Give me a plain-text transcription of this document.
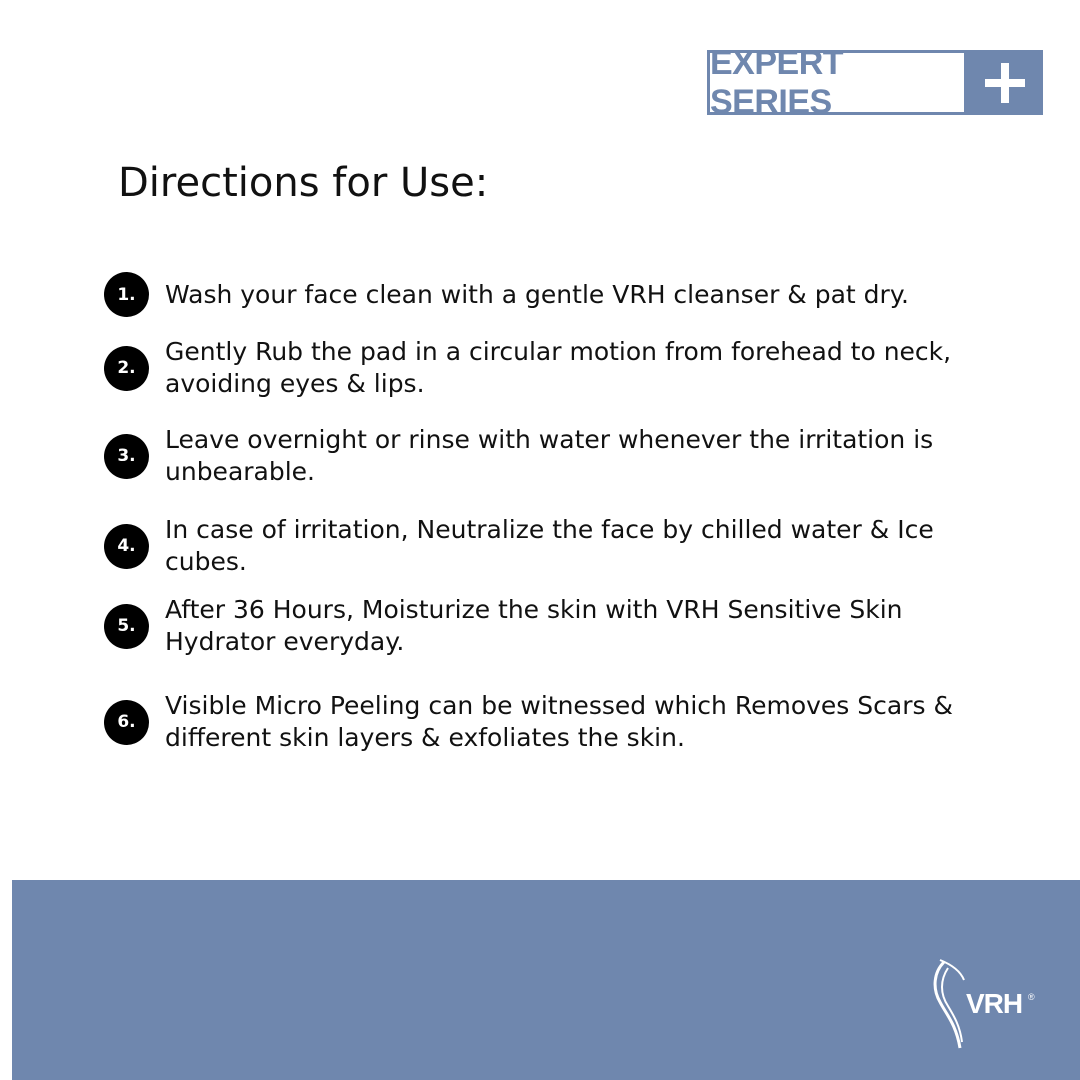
EXPERT SERIES
Directions for Use:
1.	Wash your face clean with a gentle VRH cleanser & pat dry.
2.
Gently Rub the pad in a circular motion from forehead to neck, avoiding eyes & lips.
3.
Leave overnight or rinse with water whenever the irritation is unbearable.
4.
In case of irritation, Neutralize the face by chilled water & Ice cubes.
5.
After 36 Hours, Moisturize the skin with VRH Sensitive Skin Hydrator everyday.
6.
Visible Micro Peeling can be witnessed which Removes Scars & different skin layers & exfoliates the skin.
VRH ®
